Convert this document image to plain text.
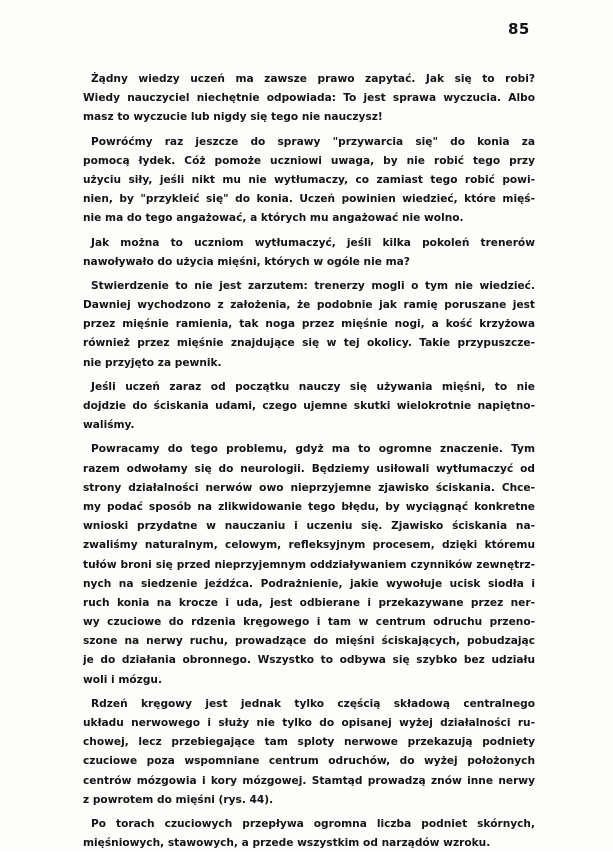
85
Żądny wiedzy uczeń ma zawsze prawo zapytać. Jak się to robi?
Wiedy nauczyciel niechętnie odpowiada: To jest sprawa wyczucia. Albo
masz to wyczucie lub nigdy się tego nie nauczysz!
Powróćmy raz jeszcze do sprawy "przywarcia się" do konia za
pomocą łydek. Cóż pomoże uczniowi uwaga, by nie robić tego przy
użyciu siły, jeśli nikt mu nie wytłumaczy, co zamiast tego robić powi-
nien, by "przykleić się" do konia. Uczeń powinien wiedzieć, które mięś-
nie ma do tego angażować, a których mu angażować nie wolno.
Jak można to uczniom wytłumaczyć, jeśli kilka pokoleń trenerów
nawoływało do użycia mięśni, których w ogóle nie ma?
Stwierdzenie to nie jest zarzutem: trenerzy mogli o tym nie wiedzieć.
Dawniej wychodzono z założenia, że podobnie jak ramię poruszane jest
przez mięśnie ramienia, tak noga przez mięśnie nogi, a kość krzyżowa
również przez mięśnie znajdujące się w tej okolicy. Takie przypuszcze-
nie przyjęto za pewnik.
Jeśli uczeń zaraz od początku nauczy się używania mięśni, to nie
dojdzie do ściskania udami, czego ujemne skutki wielokrotnie napiętno-
waliśmy.
Powracamy do tego problemu, gdyż ma to ogromne znaczenie. Tym
razem odwołamy się do neurologii. Będziemy usiłowali wytłumaczyć od
strony działalności nerwów owo nieprzyjemne zjawisko ściskania. Chce-
my podać sposób na zlikwidowanie tego błędu, by wyciągnąć konkretne
wnioski przydatne w nauczaniu i uczeniu się. Zjawisko ściskania na-
zwaliśmy naturalnym, celowym, refleksyjnym procesem, dzięki któremu
tułów broni się przed nieprzyjemnym oddziaływaniem czynników zewnętrz-
nych na siedzenie jeźdźca. Podrażnienie, jakie wywołuje ucisk siodła i
ruch konia na krocze i uda, jest odbierane i przekazywane przez ner-
wy czuciowe do rdzenia kręgowego i tam w centrum odruchu przeno-
szone na nerwy ruchu, prowadzące do mięśni ściskających, pobudzając
je do działania obronnego. Wszystko to odbywa się szybko bez udziału
woli i mózgu.
Rdzeń kręgowy jest jednak tylko częścią składową centralnego
układu nerwowego i służy nie tylko do opisanej wyżej działalności ru-
chowej, lecz przebiegające tam sploty nerwowe przekazują podniety
czuciowe poza wspomniane centrum odruchów, do wyżej położonych
centrów mózgowia i kory mózgowej. Stamtąd prowadzą znów inne nerwy
z powrotem do mięśni (rys. 44).
Po torach czuciowych przepływa ogromna liczba podniet skórnych,
mięśniowych, stawowych, a przede wszystkim od narządów wzroku.
